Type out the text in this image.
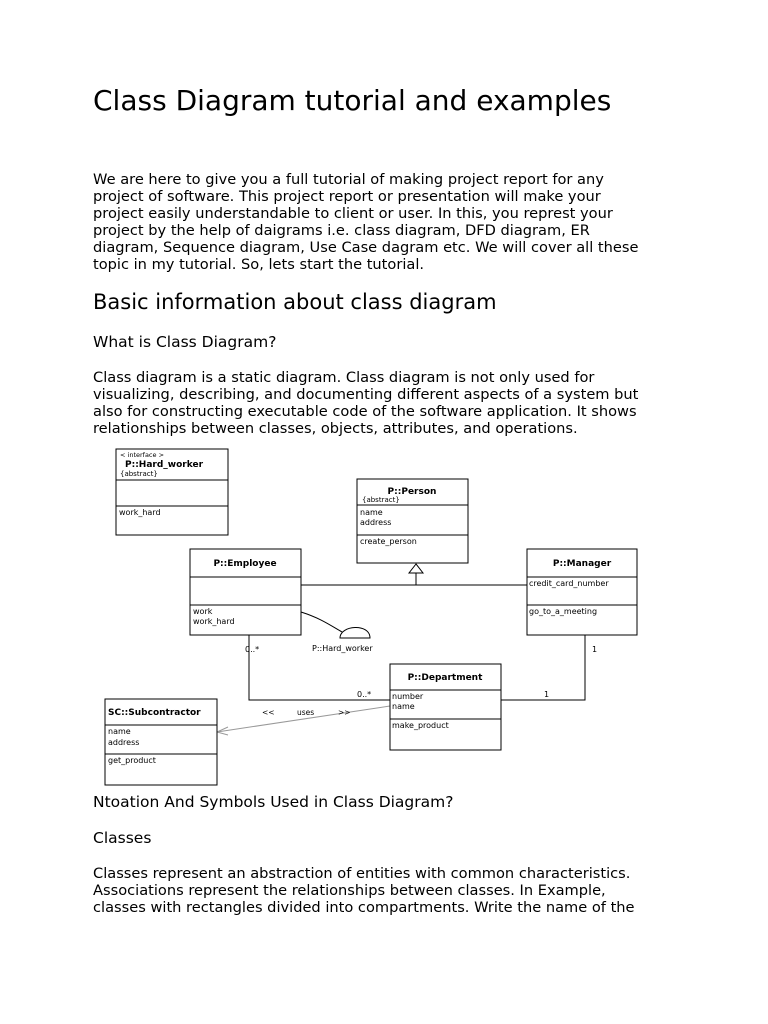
Class Diagram tutorial and examples
We are here to give you a full tutorial of making project report for any
project of software. This project report or presentation will make your
project easily understandable to client or user. In this, you represt your
project by the help of daigrams i.e. class diagram, DFD diagram, ER
diagram, Sequence diagram, Use Case dagram etc. We will cover all these
topic in my tutorial. So, lets start the tutorial.
Basic information about class diagram
What is Class Diagram?
Class diagram is a static diagram. Class diagram is not only used for
visualizing, describing, and documenting different aspects of a system but
also for constructing executable code of the software application. It shows
relationships between classes, objects, attributes, and operations.
< interface >
P::Hard_worker
{abstract}
work_hard
P::Person
{abstract}
name
address
create_person
P::Employee
work
work_hard
P::Manager
credit_card_number
go_to_a_meeting
P::Department
number
name
make_product
SC::Subcontractor
name
address
get_product
P::Hard_worker
0..*
0..*
1
1
<<	uses	>>
Ntoation And Symbols Used in Class Diagram?
Classes
Classes represent an abstraction of entities with common characteristics.
Associations represent the relationships between classes. In Example,
classes with rectangles divided into compartments. Write the name of the
